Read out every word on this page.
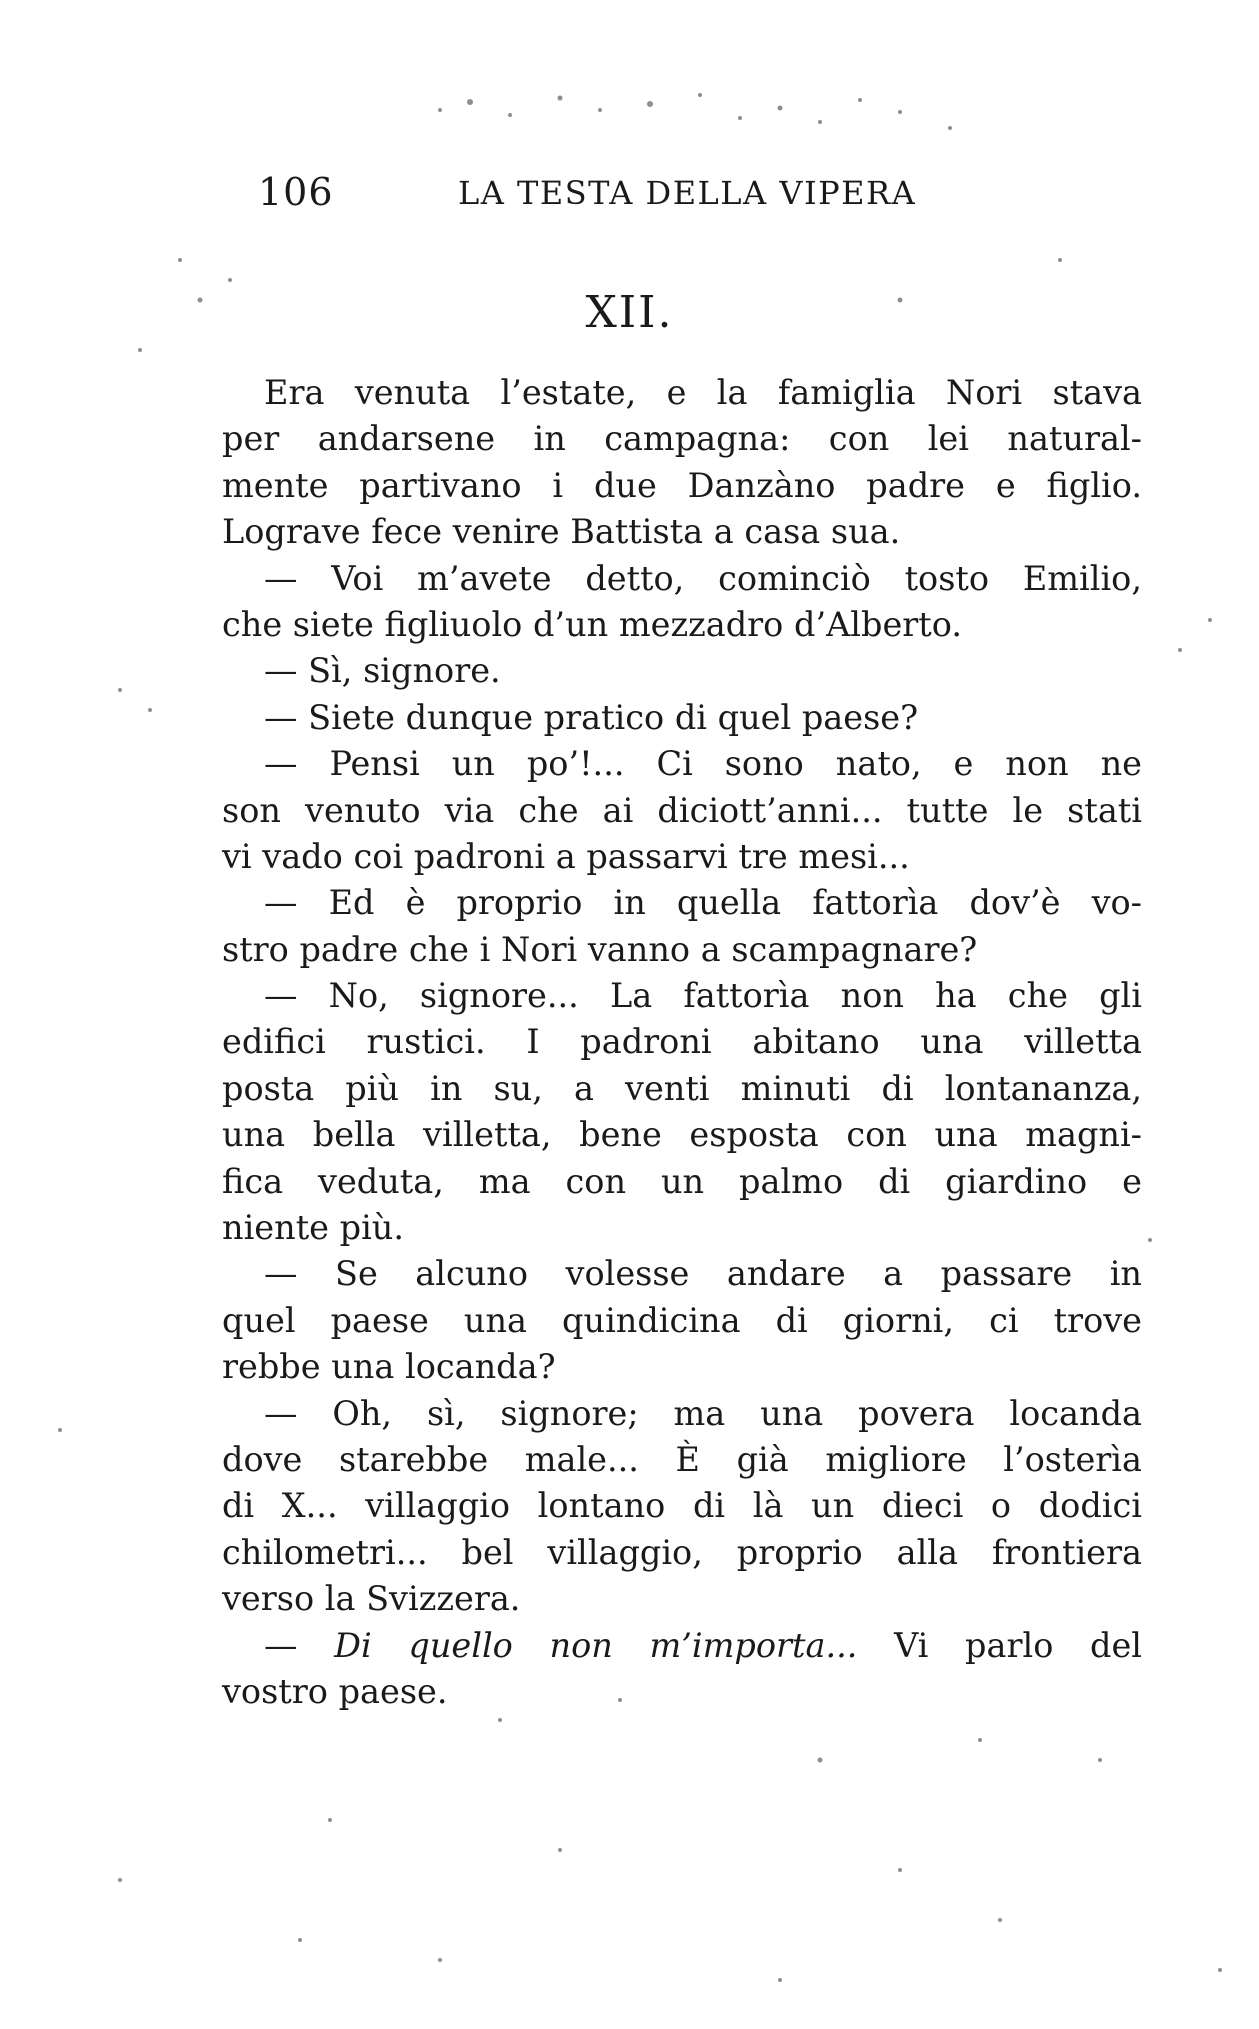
106	LA TESTA DELLA VIPERA
XII.
Era venuta l’estate, e la famiglia Nori stava
per andarsene in campagna: con lei natural-
mente partivano i due Danzàno padre e figlio.
Lograve fece venire Battista a casa sua.
— Voi m’avete detto, cominciò tosto Emilio,
che siete figliuolo d’un mezzadro d’Alberto.
— Sì, signore.
— Siete dunque pratico di quel paese?
— Pensi un po’!... Ci sono nato, e non ne
son venuto via che ai diciott’anni... tutte le stati
vi vado coi padroni a passarvi tre mesi...
— Ed è proprio in quella fattorìa dov’è vo-
stro padre che i Nori vanno a scampagnare?
— No, signore... La fattorìa non ha che gli
edifici rustici. I padroni abitano una villetta
posta più in su, a venti minuti di lontananza,
una bella villetta, bene esposta con una magni-
fica veduta, ma con un palmo di giardino e
niente più.
— Se alcuno volesse andare a passare in
quel paese una quindicina di giorni, ci trove
rebbe una locanda?
— Oh, sì, signore; ma una povera locanda
dove starebbe male... È già migliore l’osterìa
di X... villaggio lontano di là un dieci o dodici
chilometri... bel villaggio, proprio alla frontiera
verso la Svizzera.
— Di quello non m’importa... Vi parlo del
vostro paese.
